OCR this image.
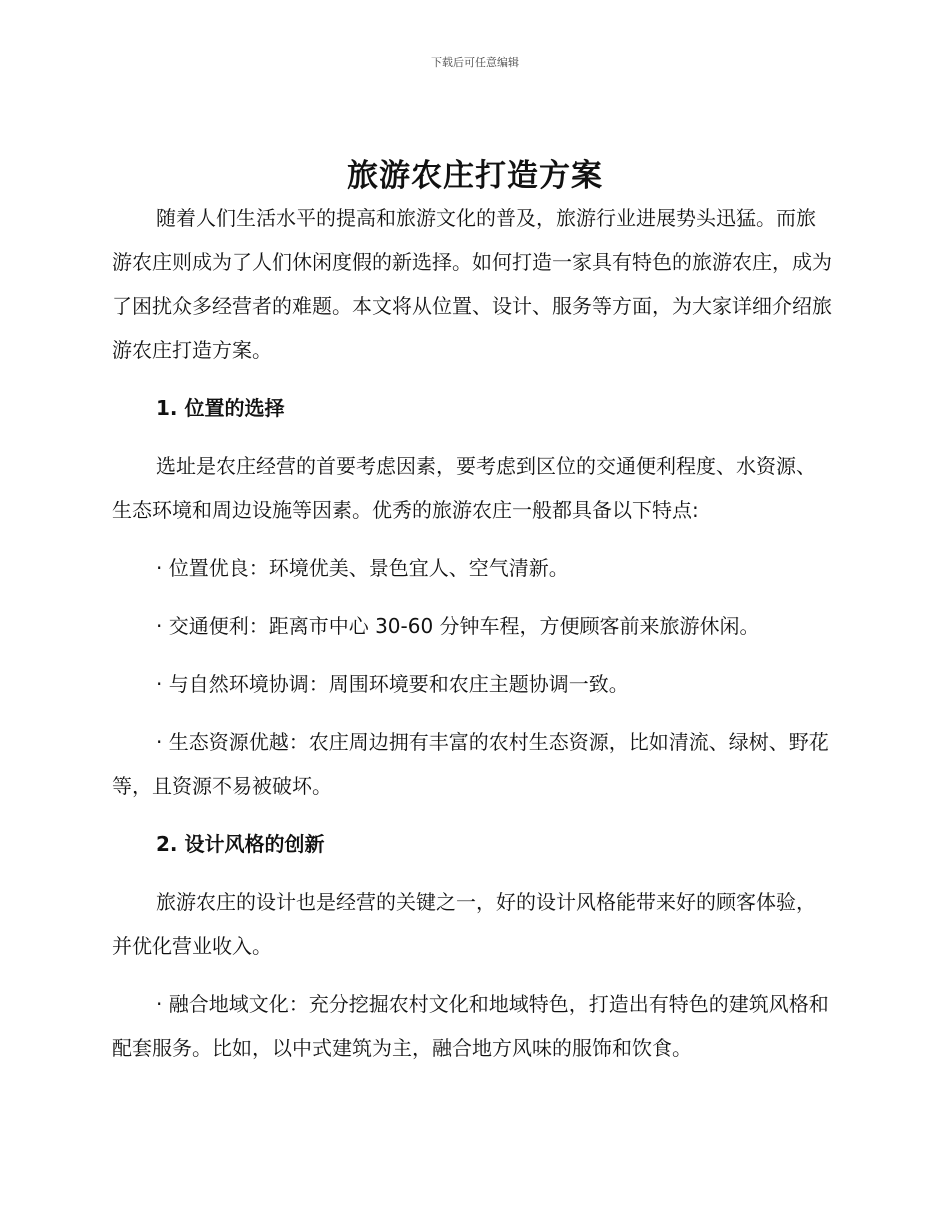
下载后可任意编辑
旅游农庄打造方案

随着人们生活水平的提高和旅游文化的普及，旅游行业进展势头迅猛。而旅游农庄则成为了人们休闲度假的新选择。如何打造一家具有特色的旅游农庄，成为了困扰众多经营者的难题。本文将从位置、设计、服务等方面，为大家详细介绍旅游农庄打造方案。

1. 位置的选择

选址是农庄经营的首要考虑因素，要考虑到区位的交通便利程度、水资源、生态环境和周边设施等因素。优秀的旅游农庄一般都具备以下特点:

· 位置优良：环境优美、景色宜人、空气清新。

· 交通便利：距离市中心 30-60 分钟车程，方便顾客前来旅游休闲。

· 与自然环境协调：周围环境要和农庄主题协调一致。

· 生态资源优越：农庄周边拥有丰富的农村生态资源，比如清流、绿树、野花等，且资源不易被破坏。

2. 设计风格的创新

旅游农庄的设计也是经营的关键之一，好的设计风格能带来好的顾客体验，并优化营业收入。

· 融合地域文化：充分挖掘农村文化和地域特色，打造出有特色的建筑风格和配套服务。比如，以中式建筑为主，融合地方风味的服饰和饮食。
